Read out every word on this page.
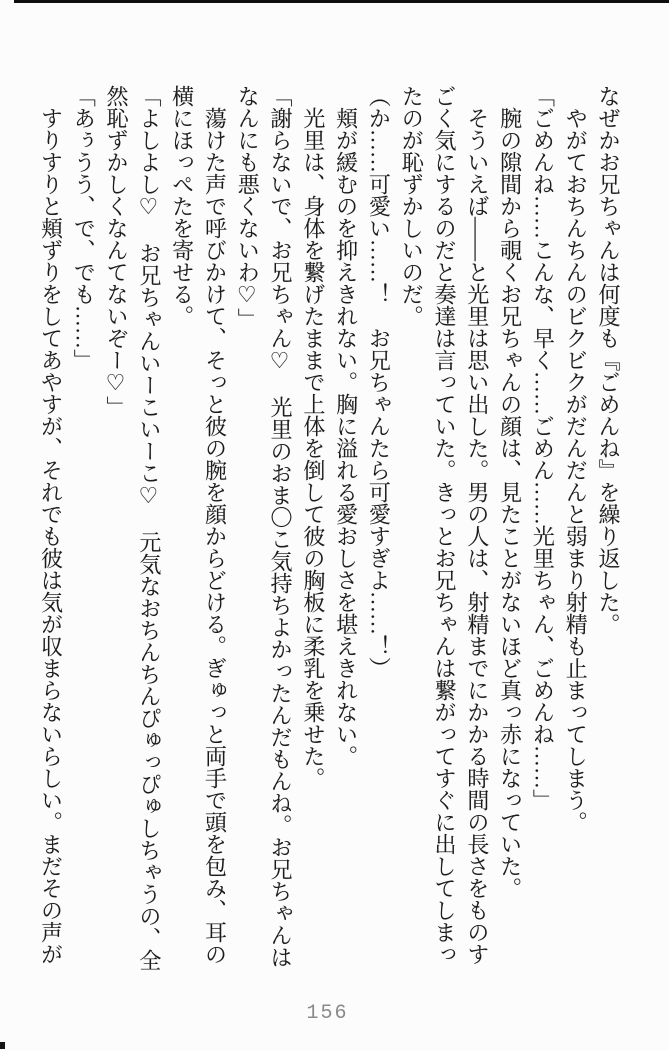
なぜかお兄ちゃんは何度も『ごめんね』を繰り返した。
　やがておちんちんのビクビクがだんだんと弱まり射精も止まってしまう。
「ごめんね……こんな、早く……ごめん……光里ちゃん、ごめんね……」
　腕の隙間から覗くお兄ちゃんの顔は、見たことがないほど真っ赤になっていた。
　そういえば――と光里は思い出した。男の人は、射精までにかかる時間の長さをものす
ごく気にするのだと奏達は言っていた。きっとお兄ちゃんは繋がってすぐに出してしまっ
たのが恥ずかしいのだ。
（か……可愛い……！　お兄ちゃんたら可愛すぎよ……！）
　頬が緩むのを抑えきれない。胸に溢れる愛おしさを堪えきれない。
　光里は、身体を繋げたままで上体を倒して彼の胸板に柔乳を乗せた。
「謝らないで、お兄ちゃん♡　光里のおま〇こ気持ちよかったんだもんね。お兄ちゃんは
なんにも悪くないわ♡」
　蕩けた声で呼びかけて、そっと彼の腕を顔からどける。ぎゅっと両手で頭を包み、耳の
横にほっぺたを寄せる。
「よしよし♡　お兄ちゃんいーこいーこ♡　元気なおちんちんぴゅっぴゅしちゃうの、全
然恥ずかしくなんてないぞー♡」
「あぅうう、で、でも……」
　すりすりと頬ずりをしてあやすが、それでも彼は気が収まらないらしい。まだその声が
156
